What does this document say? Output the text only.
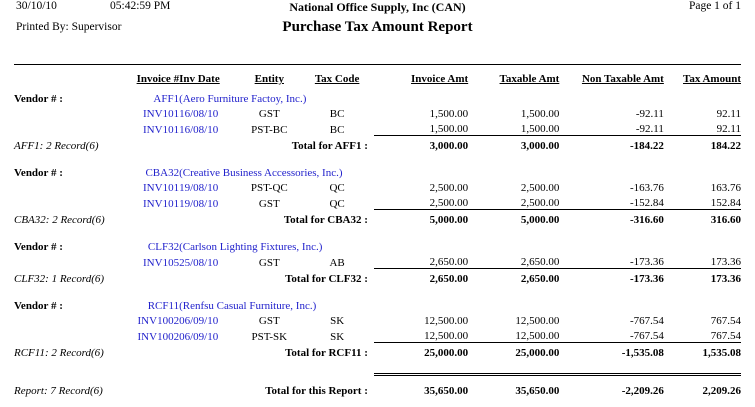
30/10/10	05:42:59 PM	National Office Supply, Inc (CAN)	Page 1 of 1
Printed By: Supervisor	Purchase Tax Amount Report
	Invoice #	Inv Date	Entity	Tax Code	Invoice Amt	Taxable Amt	Non Taxable Amt	Tax Amount
Vendor # :	AFF1	(Aero Furniture Factoy, Inc.)						
	INV101	16/08/10	GST	BC	1,500.00	1,500.00	-92.11	92.11
	INV101	16/08/10	PST-BC	BC	1,500.00	1,500.00	-92.11	92.11
AFF1: 2 Record(6)	Total for AFF1 :				3,000.00	3,000.00	-184.22	184.22

Vendor # :	CBA32	(Creative Business Accessories, Inc.)						
	INV101	19/08/10	PST-QC	QC	2,500.00	2,500.00	-163.76	163.76
	INV101	19/08/10	GST	QC	2,500.00	2,500.00	-152.84	152.84
CBA32: 2 Record(6)	Total for CBA32 :				5,000.00	5,000.00	-316.60	316.60

Vendor # :	CLF32	(Carlson Lighting Fixtures, Inc.)						
	INV105	25/08/10	GST	AB	2,650.00	2,650.00	-173.36	173.36
CLF32: 1 Record(6)	Total for CLF32 :				2,650.00	2,650.00	-173.36	173.36

Vendor # :	RCF11	(Renfsu Casual Furniture, Inc.)						
	INV1002	06/09/10	GST	SK	12,500.00	12,500.00	-767.54	767.54
	INV1002	06/09/10	PST-SK	SK	12,500.00	12,500.00	-767.54	767.54
RCF11: 2 Record(6)	Total for RCF11 :				25,000.00	25,000.00	-1,535.08	1,535.08

Report: 7 Record(6)	Total for this Report :				35,650.00	35,650.00	-2,209.26	2,209.26
